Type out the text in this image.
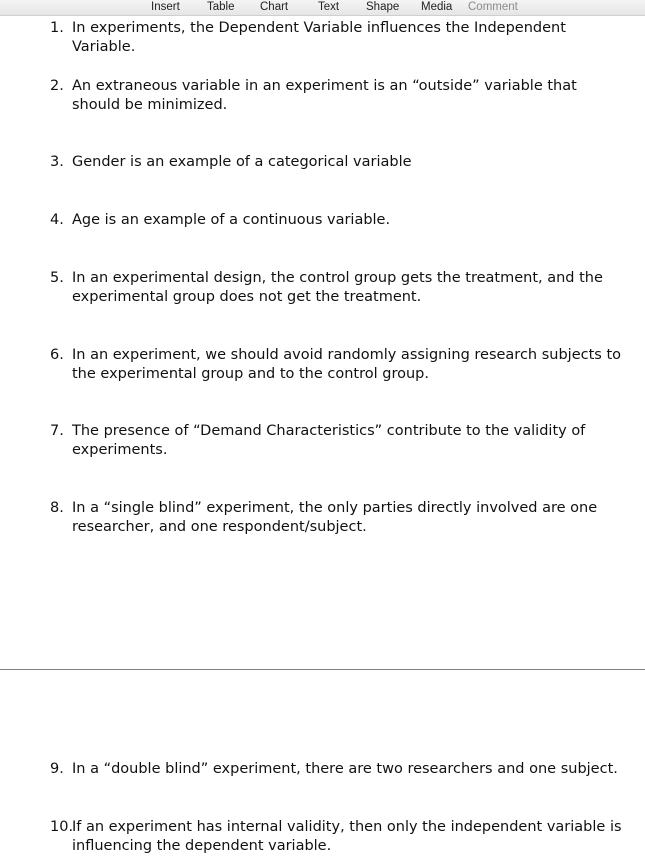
Insert Table Chart	Text Shape Media Comment
1. In experiments, the Dependent Variable influences the Independent Variable.
2. An extraneous variable in an experiment is an “outside” variable that should be minimized.
3. Gender is an example of a categorical variable
4. Age is an example of a continuous variable.
5. In an experimental design, the control group gets the treatment, and the experimental group does not get the treatment.
6. In an experiment, we should avoid randomly assigning research subjects to the experimental group and to the control group.
7. The presence of “Demand Characteristics” contribute to the validity of experiments.
8. In a “single blind” experiment, the only parties directly involved are one researcher, and one respondent/subject.
9. In a “double blind” experiment, there are two researchers and one subject.
10.
If an experiment has internal validity, then only the independent variable is influencing the dependent variable.
